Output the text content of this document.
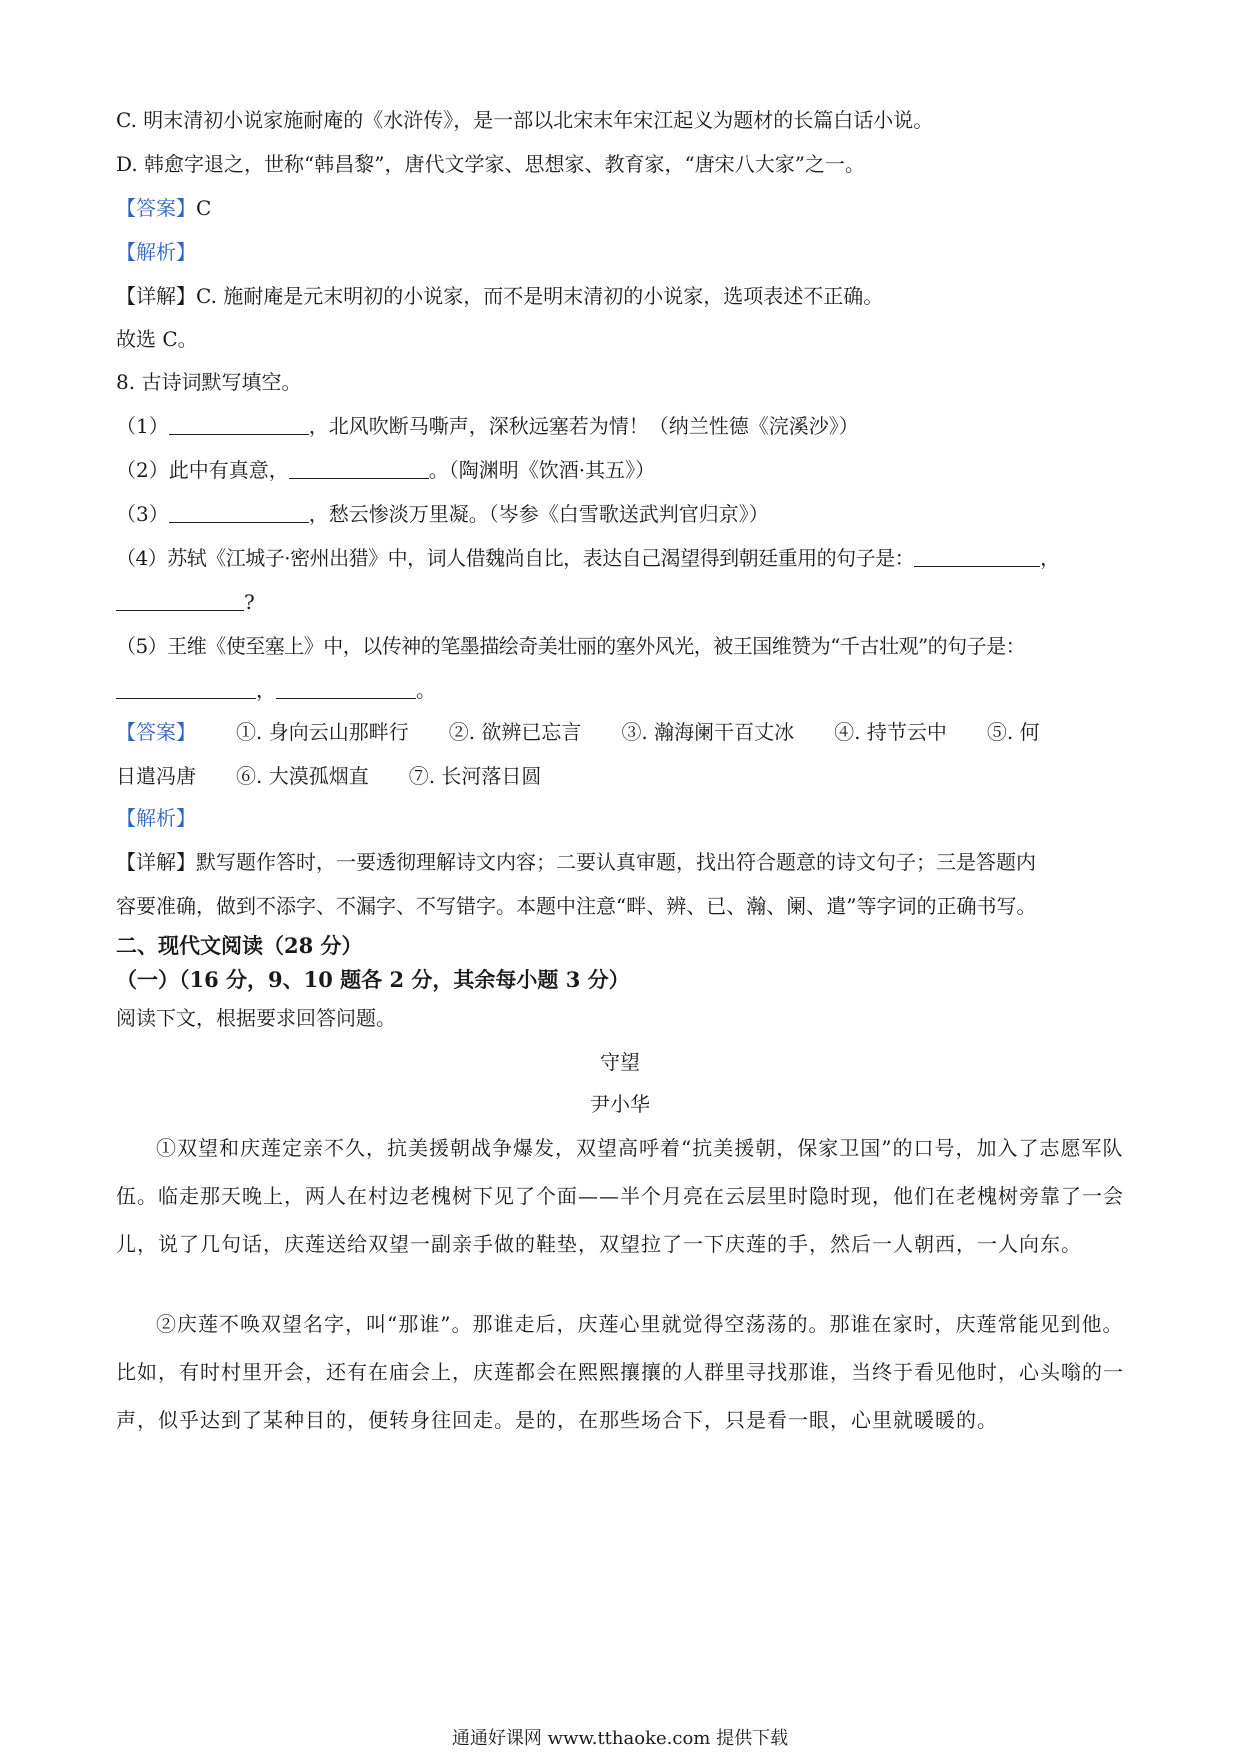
C. 明末清初小说家施耐庵的《水浒传》，是一部以北宋末年宋江起义为题材的长篇白话小说。
D. 韩愈字退之，世称“韩昌黎”，唐代文学家、思想家、教育家，“唐宋八大家”之一。
【答案】C
【解析】
【详解】C. 施耐庵是元末明初的小说家，而不是明末清初的小说家，选项表述不正确。
故选 C。
8. 古诗词默写填空。
（1）	，北风吹断马嘶声，深秋远塞若为情！（纳兰性德《浣溪沙》）
（2）此中有真意，	。（陶渊明《饮酒·其五》）
（3）	，愁云惨淡万里凝。（岑参《白雪歌送武判官归京》）
（4）苏轼《江城子·密州出猎》中，词人借魏尚自比，表达自己渴望得到朝廷重用的句子是：	，
?
（5）王维《使至塞上》中，以传神的笔墨描绘奇美壮丽的塞外风光，被王国维赞为“千古壮观”的句子是：
，	。
【答案】 ①. 身向云山那畔行 ②. 欲辨已忘言 ③. 瀚海阑干百丈冰 ④. 持节云中 ⑤. 何
日遣冯唐 ⑥. 大漠孤烟直 ⑦. 长河落日圆
【解析】
【详解】默写题作答时，一要透彻理解诗文内容；二要认真审题，找出符合题意的诗文句子；三是答题内
容要准确，做到不添字、不漏字、不写错字。本题中注意“畔、辨、已、瀚、阑、遣”等字词的正确书写。
二、现代文阅读（28 分）
（一）（16 分，9、10 题各 2 分，其余每小题 3 分）
阅读下文，根据要求回答问题。
守望
尹小华
①双望和庆莲定亲不久，抗美援朝战争爆发，双望高呼着“抗美援朝，保家卫国”的口号，加入了志愿军队伍。临走那天晚上，两人在村边老槐树下见了个面——半个月亮在云层里时隐时现，他们在老槐树旁靠了一会儿，说了几句话，庆莲送给双望一副亲手做的鞋垫，双望拉了一下庆莲的手，然后一人朝西，一人向东。
②庆莲不唤双望名字，叫“那谁”。那谁走后，庆莲心里就觉得空荡荡的。那谁在家时，庆莲常能见到他。比如，有时村里开会，还有在庙会上，庆莲都会在熙熙攘攘的人群里寻找那谁，当终于看见他时，心头嗡的一声，似乎达到了某种目的，便转身往回走。是的，在那些场合下，只是看一眼，心里就暖暖的。
通通好课网 www.tthaoke.com 提供下载
